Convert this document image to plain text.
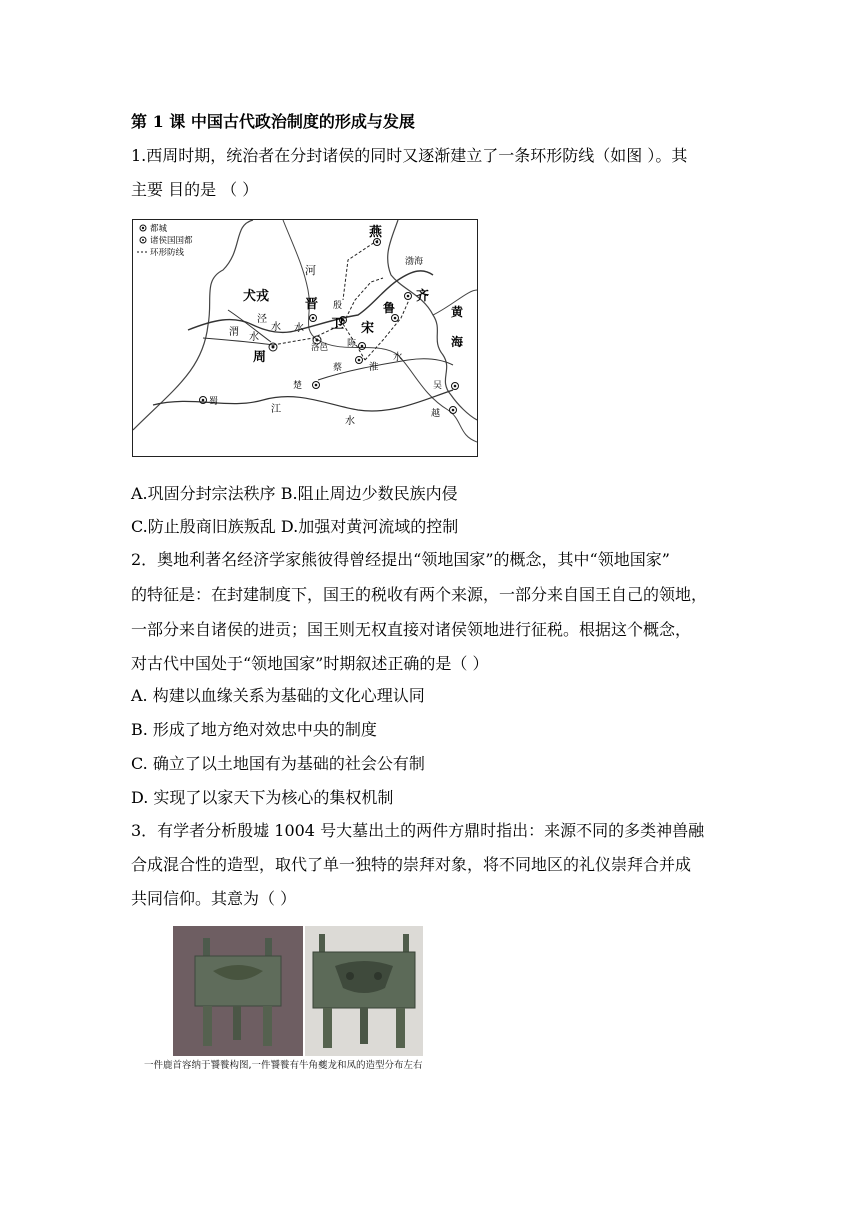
第 1 课 中国古代政治制度的形成与发展
1.西周时期，统治者在分封诸侯的同时又逐渐建立了一条环形防线（如图 ）。其
主要 目的是 （ ）
都城
诸侯国国都
环形防线
燕
渤海
河
犬戎
晋 殷
卫
齐
鲁
宋
黄
海
泾
水
渭 水
水
洛邑
周
陈
蔡	淮
水
楚
蜀
江
水
吴
越
A.巩固分封宗法秩序 B.阻止周边少数民族内侵
C.防止殷商旧族叛乱 D.加强对黄河流域的控制
2．奥地利著名经济学家熊彼得曾经提出“领地国家”的概念，其中“领地国家”
的特征是：在封建制度下，国王的税收有两个来源，一部分来自国王自己的领地，
一部分来自诸侯的进贡；国王则无权直接对诸侯领地进行征税。根据这个概念，
对古代中国处于“领地国家”时期叙述正确的是（ ）
A. 构建以血缘关系为基础的文化心理认同
B. 形成了地方绝对效忠中央的制度
C. 确立了以土地国有为基础的社会公有制
D. 实现了以家天下为核心的集权机制
3．有学者分析殷墟 1004 号大墓出土的两件方鼎时指出：来源不同的多类神兽融
合成混合性的造型，取代了单一独特的崇拜对象，将不同地区的礼仪崇拜合并成
共同信仰。其意为（ ）
一件鹿首容纳于饕餮构图,一件饕餮有牛角夔龙和凤的造型分布左右
